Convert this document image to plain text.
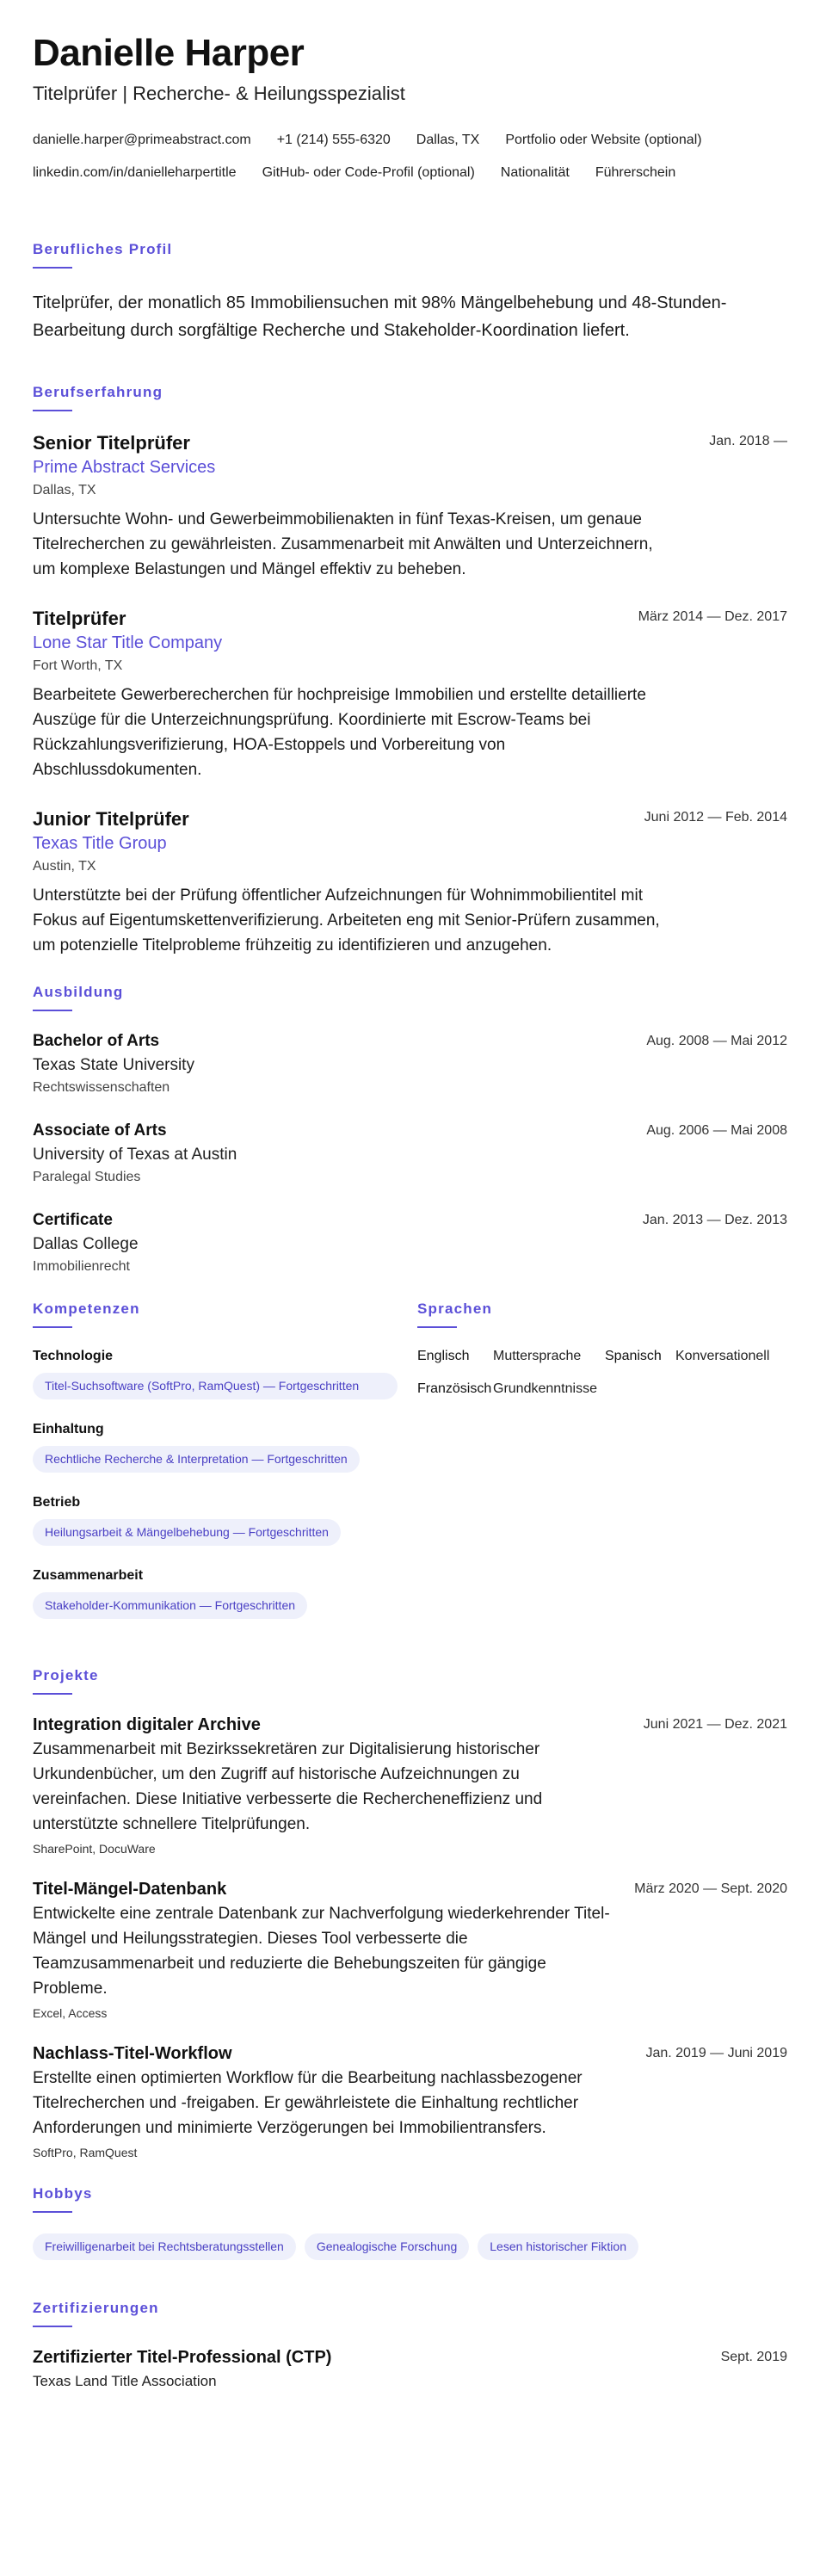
Danielle Harper
Titelprüfer | Recherche- & Heilungsspezialist
danielle.harper@primeabstract.com +1 (214) 555-6320 Dallas, TX Portfolio oder Website (optional)
linkedin.com/in/danielleharpertitle GitHub- oder Code-Profil (optional) Nationalität Führerschein
Berufliches Profil
Titelprüfer, der monatlich 85 Immobiliensuchen mit 98% Mängelbehebung und 48-Stunden-Bearbeitung durch sorgfältige Recherche und Stakeholder-Koordination liefert.
Berufserfahrung
Jan. 2018 —
Senior Titelprüfer
Prime Abstract Services
Dallas, TX
Untersuchte Wohn- und Gewerbeimmobilienakten in fünf Texas-Kreisen, um genaue Titelrecherchen zu gewährleisten. Zusammenarbeit mit Anwälten und Unterzeichnern, um komplexe Belastungen und Mängel effektiv zu beheben.
März 2014 — Dez. 2017
Titelprüfer
Lone Star Title Company
Fort Worth, TX
Bearbeitete Gewerberecherchen für hochpreisige Immobilien und erstellte detaillierte Auszüge für die Unterzeichnungsprüfung. Koordinierte mit Escrow-Teams bei Rückzahlungsverifizierung, HOA-Estoppels und Vorbereitung von Abschlussdokumenten.
Juni 2012 — Feb. 2014
Junior Titelprüfer
Texas Title Group
Austin, TX
Unterstützte bei der Prüfung öffentlicher Aufzeichnungen für Wohnimmobilientitel mit Fokus auf Eigentumskettenverifizierung. Arbeiteten eng mit Senior-Prüfern zusammen, um potenzielle Titelprobleme frühzeitig zu identifizieren und anzugehen.
Ausbildung
Aug. 2008 — Mai 2012
Bachelor of Arts
Texas State University
Rechtswissenschaften
Aug. 2006 — Mai 2008
Associate of Arts
University of Texas at Austin
Paralegal Studies
Jan. 2013 — Dez. 2013
Certificate
Dallas College
Immobilienrecht
Kompetenzen
Technologie
Titel-Suchsoftware (SoftPro, RamQuest) — Fortgeschritten
Einhaltung
Rechtliche Recherche & Interpretation — Fortgeschritten
Betrieb
Heilungsarbeit & Mängelbehebung — Fortgeschritten
Zusammenarbeit
Stakeholder-Kommunikation — Fortgeschritten
Sprachen
Englisch	Muttersprache	Spanisch	Konversationell
Französisch Grundkenntnisse
Projekte
Juni 2021 — Dez. 2021
Integration digitaler Archive
Zusammenarbeit mit Bezirkssekretären zur Digitalisierung historischer Urkundenbücher, um den Zugriff auf historische Aufzeichnungen zu vereinfachen. Diese Initiative verbesserte die Rechercheneffizienz und unterstützte schnellere Titelprüfungen.
SharePoint, DocuWare
März 2020 — Sept. 2020
Titel-Mängel-Datenbank
Entwickelte eine zentrale Datenbank zur Nachverfolgung wiederkehrender Titel-Mängel und Heilungsstrategien. Dieses Tool verbesserte die Teamzusammenarbeit und reduzierte die Behebungszeiten für gängige Probleme.
Excel, Access
Jan. 2019 — Juni 2019
Nachlass-Titel-Workflow
Erstellte einen optimierten Workflow für die Bearbeitung nachlassbezogener Titelrecherchen und -freigaben. Er gewährleistete die Einhaltung rechtlicher Anforderungen und minimierte Verzögerungen bei Immobilientransfers.
SoftPro, RamQuest
Hobbys
Freiwilligenarbeit bei Rechtsberatungsstellen	Genealogische Forschung	Lesen historischer Fiktion
Zertifizierungen
Sept. 2019
Zertifizierter Titel-Professional (CTP)
Texas Land Title Association
